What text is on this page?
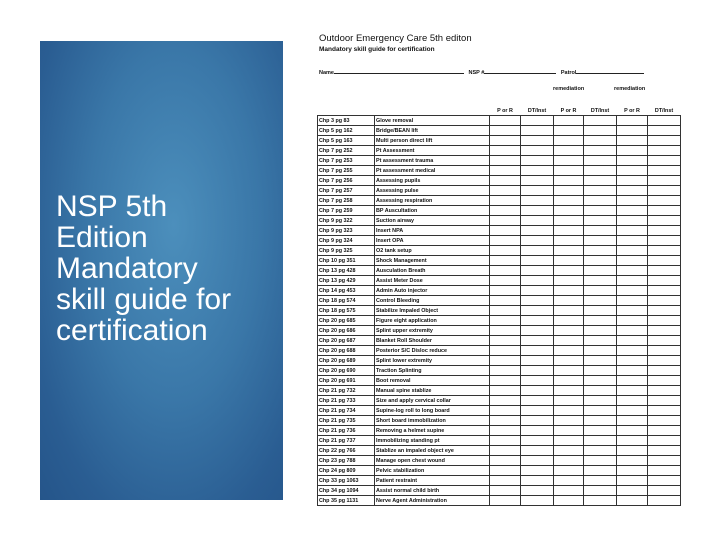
NSP 5th
Edition
Mandatory
skill guide for
certification
Outdoor Emergency Care 5th editon
Mandatory skill guide for certification
Name	NSP #	Patrol
remediation	remediation
		P or R	DT/Inst	P or R	DT/Inst	P or R	DT/Inst
Chp 3 pg 83	Glove removal						
Chp 5 pg 162	Bridge/BEAN lift						
Chp 5 pg 163	Multi person direct lift						
Chp 7 pg 252	Pt Assessment						
Chp 7 pg 253	Pt assessment trauma						
Chp 7 pg 255	Pt assessment medical						
Chp 7 pg 256	Assessing pupils						
Chp 7 pg 257	Assessing pulse						
Chp 7 pg 258	Assessing respiration						
Chp 7 pg 259	BP Auscultation						
Chp 9 pg 322	Suction airway						
Chp 9 pg 323	Insert NPA						
Chp 9 pg 324	Insert OPA						
Chp 9 pg 325	O2 tank setup						
Chp 10 pg 351	Shock Management						
Chp 13 pg 428	Ausculation Breath						
Chp 13 pg 429	Assist Meter Dose						
Chp 14 pg 453	Admin Auto injector						
Chp 18 pg 574	Control Bleeding						
Chp 18 pg 575	Stabilize Impaled Object						
Chp 20 pg 685	Figure eight application						
Chp 20 pg 686	Splint upper extremity						
Chp 20 pg 687	Blanket Roll Shoulder						
Chp 20 pg 688	Posterior S/C Disloc reduce						
Chp 20 pg 689	Splint lower extremity						
Chp 20 pg 690	Traction Splinting						
Chp 20 pg 691	Boot removal						
Chp 21 pg 732	Manual spine stablize						
Chp 21 pg 733	Size and apply cervical collar						
Chp 21 pg 734	Supine-log roll to long board						
Chp 21 pg 735	Short board immobilization						
Chp 21 pg 736	Removing a helmet supine						
Chp 21 pg 737	Immobilizing standing pt						
Chp 22 pg 766	Stablize an impaled object eye						
Chp 23 pg 788	Manage open chest wound						
Chp 24 pg 809	Pelvic stabilization						
Chp 33 pg 1063	Patient restraint						
Chp 34 pg 1094	Assist normal child birth						
Chp 35 pg 1131	Nerve Agent Administration						
